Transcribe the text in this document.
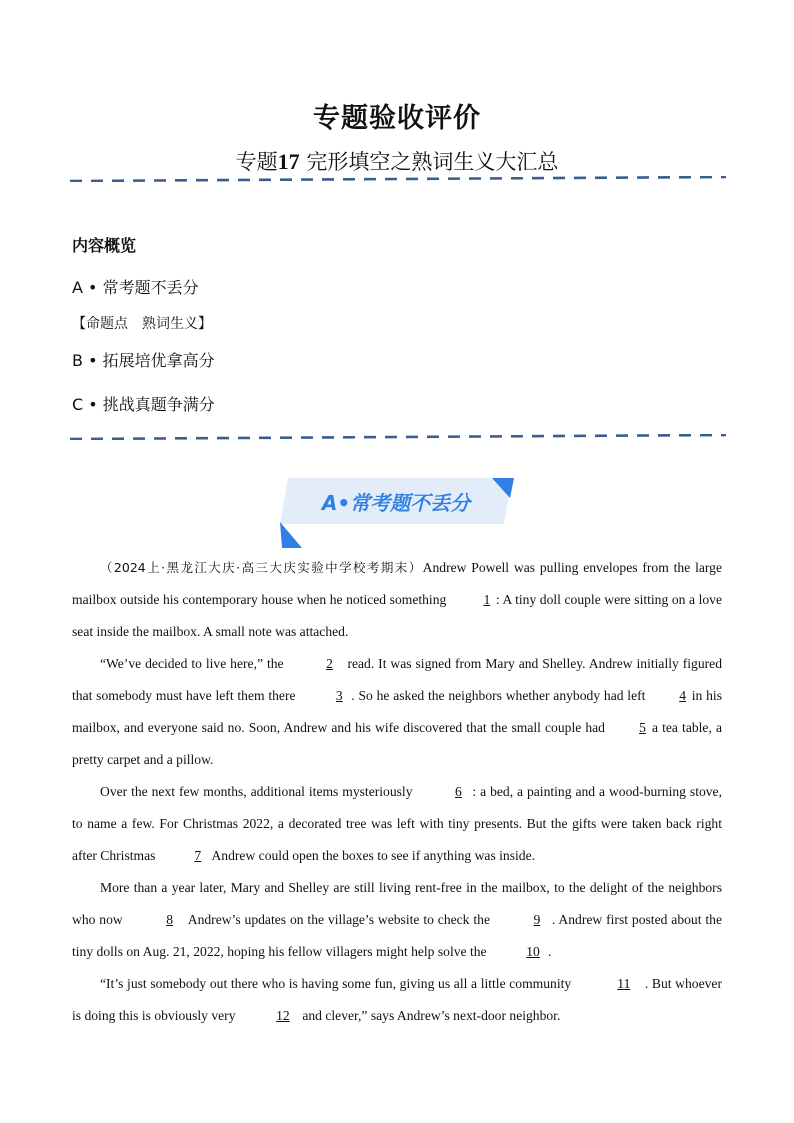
专题验收评价
专题17 完形填空之熟词生义大汇总
内容概览
A • 常考题不丢分
【命题点　熟词生义】
B • 拓展培优拿高分
C • 挑战真题争满分
A•常考题不丢分

（2024上·黑龙江大庆·高三大庆实验中学校考期末）Andrew Powell was pulling envelopes from the large mailbox outside his contemporary house when he noticed something 1 : A tiny doll couple were sitting on a love seat inside the mailbox. A small note was attached.

“We’ve decided to live here,” the	2 read. It was signed from Mary and Shelley. Andrew initially figured that somebody must have left them there	3 . So he asked the neighbors whether anybody had left 4 in his mailbox, and everyone said no. Soon, Andrew and his wife discovered that the small couple had 5 a tea table, a pretty carpet and a pillow.

Over the next few months, additional items mysteriously	6 : a bed, a painting and a wood-burning stove, to name a few. For Christmas 2022, a decorated tree was left with tiny presents. But the gifts were taken back right after Christmas	7 Andrew could open the boxes to see if anything was inside.

More than a year later, Mary and Shelley are still living rent-free in the mailbox, to the delight of the neighbors who now	8 Andrew’s updates on the village’s website to check the	9 . Andrew first posted about the tiny dolls on Aug. 21, 2022, hoping his fellow villagers might help solve the	10 .

“It’s just somebody out there who is having some fun, giving us all a little community	11 . But whoever is doing this is obviously very	12 and clever,” says Andrew’s next-door neighbor.
